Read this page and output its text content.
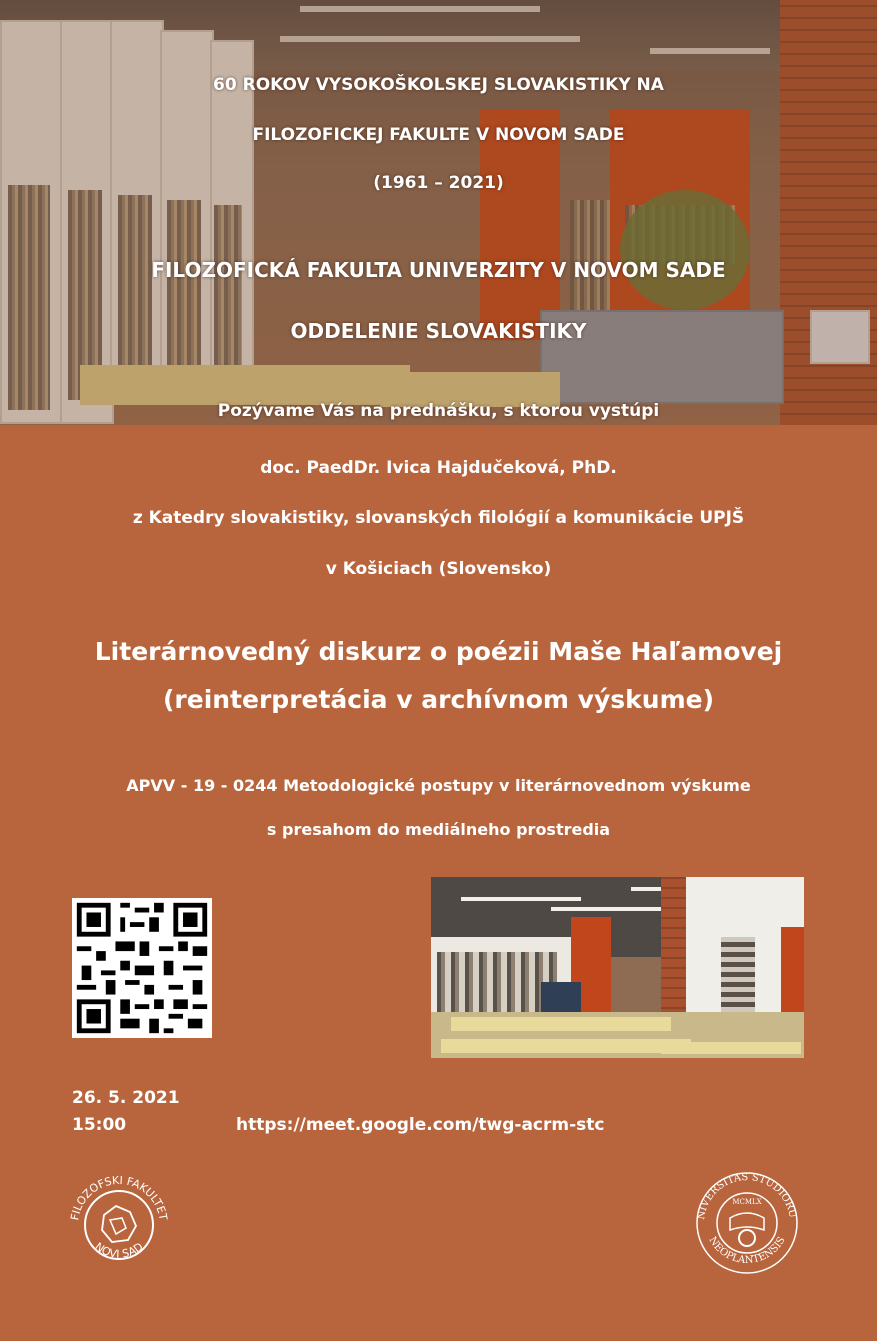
60 ROKOV VYSOKOŠKOLSKEJ SLOVAKISTIKY NA
FILOZOFICKEJ FAKULTE V NOVOM SADE
(1961 – 2021)
FILOZOFICKÁ FAKULTA UNIVERZITY V NOVOM SADE
ODDELENIE SLOVAKISTIKY
Pozývame Vás na prednášku, s ktorou vystúpi
doc. PaedDr. Ivica Hajdučeková, PhD.
z Katedry slovakistiky, slovanských filológií a komunikácie UPJŠ
v Košiciach (Slovensko)
Literárnovedný diskurz o poézii Maše Haľamovej
(reinterpretácia v archívnom výskume)
APVV - 19 - 0244 Metodologické postupy v literárnovednom výskume
s presahom do mediálneho prostredia
26. 5. 2021
15:00	https://meet.google.com/twg-acrm-stc
FILOZOFSKI FAKULTET
NOVI SAD
NIVERSITAS STUDIORU
NEOPLANTENSIS
MCMLX
